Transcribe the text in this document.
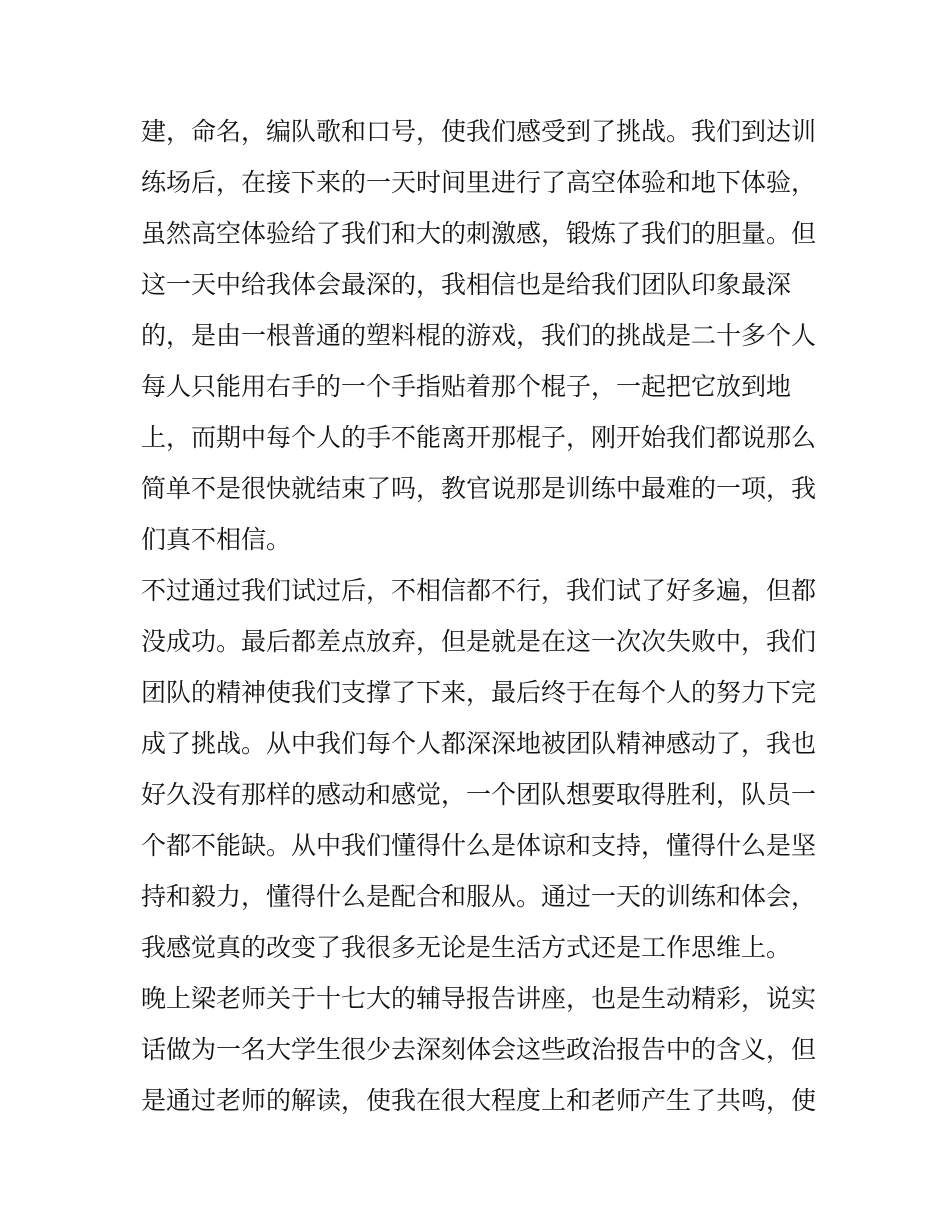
建，命名，编队歌和口号，使我们感受到了挑战。我们到达训
练场后，在接下来的一天时间里进行了高空体验和地下体验，
虽然高空体验给了我们和大的刺激感，锻炼了我们的胆量。但
这一天中给我体会最深的，我相信也是给我们团队印象最深
的，是由一根普通的塑料棍的游戏，我们的挑战是二十多个人
每人只能用右手的一个手指贴着那个棍子，一起把它放到地
上，而期中每个人的手不能离开那棍子，刚开始我们都说那么
简单不是很快就结束了吗，教官说那是训练中最难的一项，我
们真不相信。
不过通过我们试过后，不相信都不行，我们试了好多遍，但都
没成功。最后都差点放弃，但是就是在这一次次失败中，我们
团队的精神使我们支撑了下来，最后终于在每个人的努力下完
成了挑战。从中我们每个人都深深地被团队精神感动了，我也
好久没有那样的感动和感觉，一个团队想要取得胜利，队员一
个都不能缺。从中我们懂得什么是体谅和支持，懂得什么是坚
持和毅力，懂得什么是配合和服从。通过一天的训练和体会，
我感觉真的改变了我很多无论是生活方式还是工作思维上。
晚上梁老师关于十七大的辅导报告讲座，也是生动精彩，说实
话做为一名大学生很少去深刻体会这些政治报告中的含义，但
是通过老师的解读，使我在很大程度上和老师产生了共鸣，使
